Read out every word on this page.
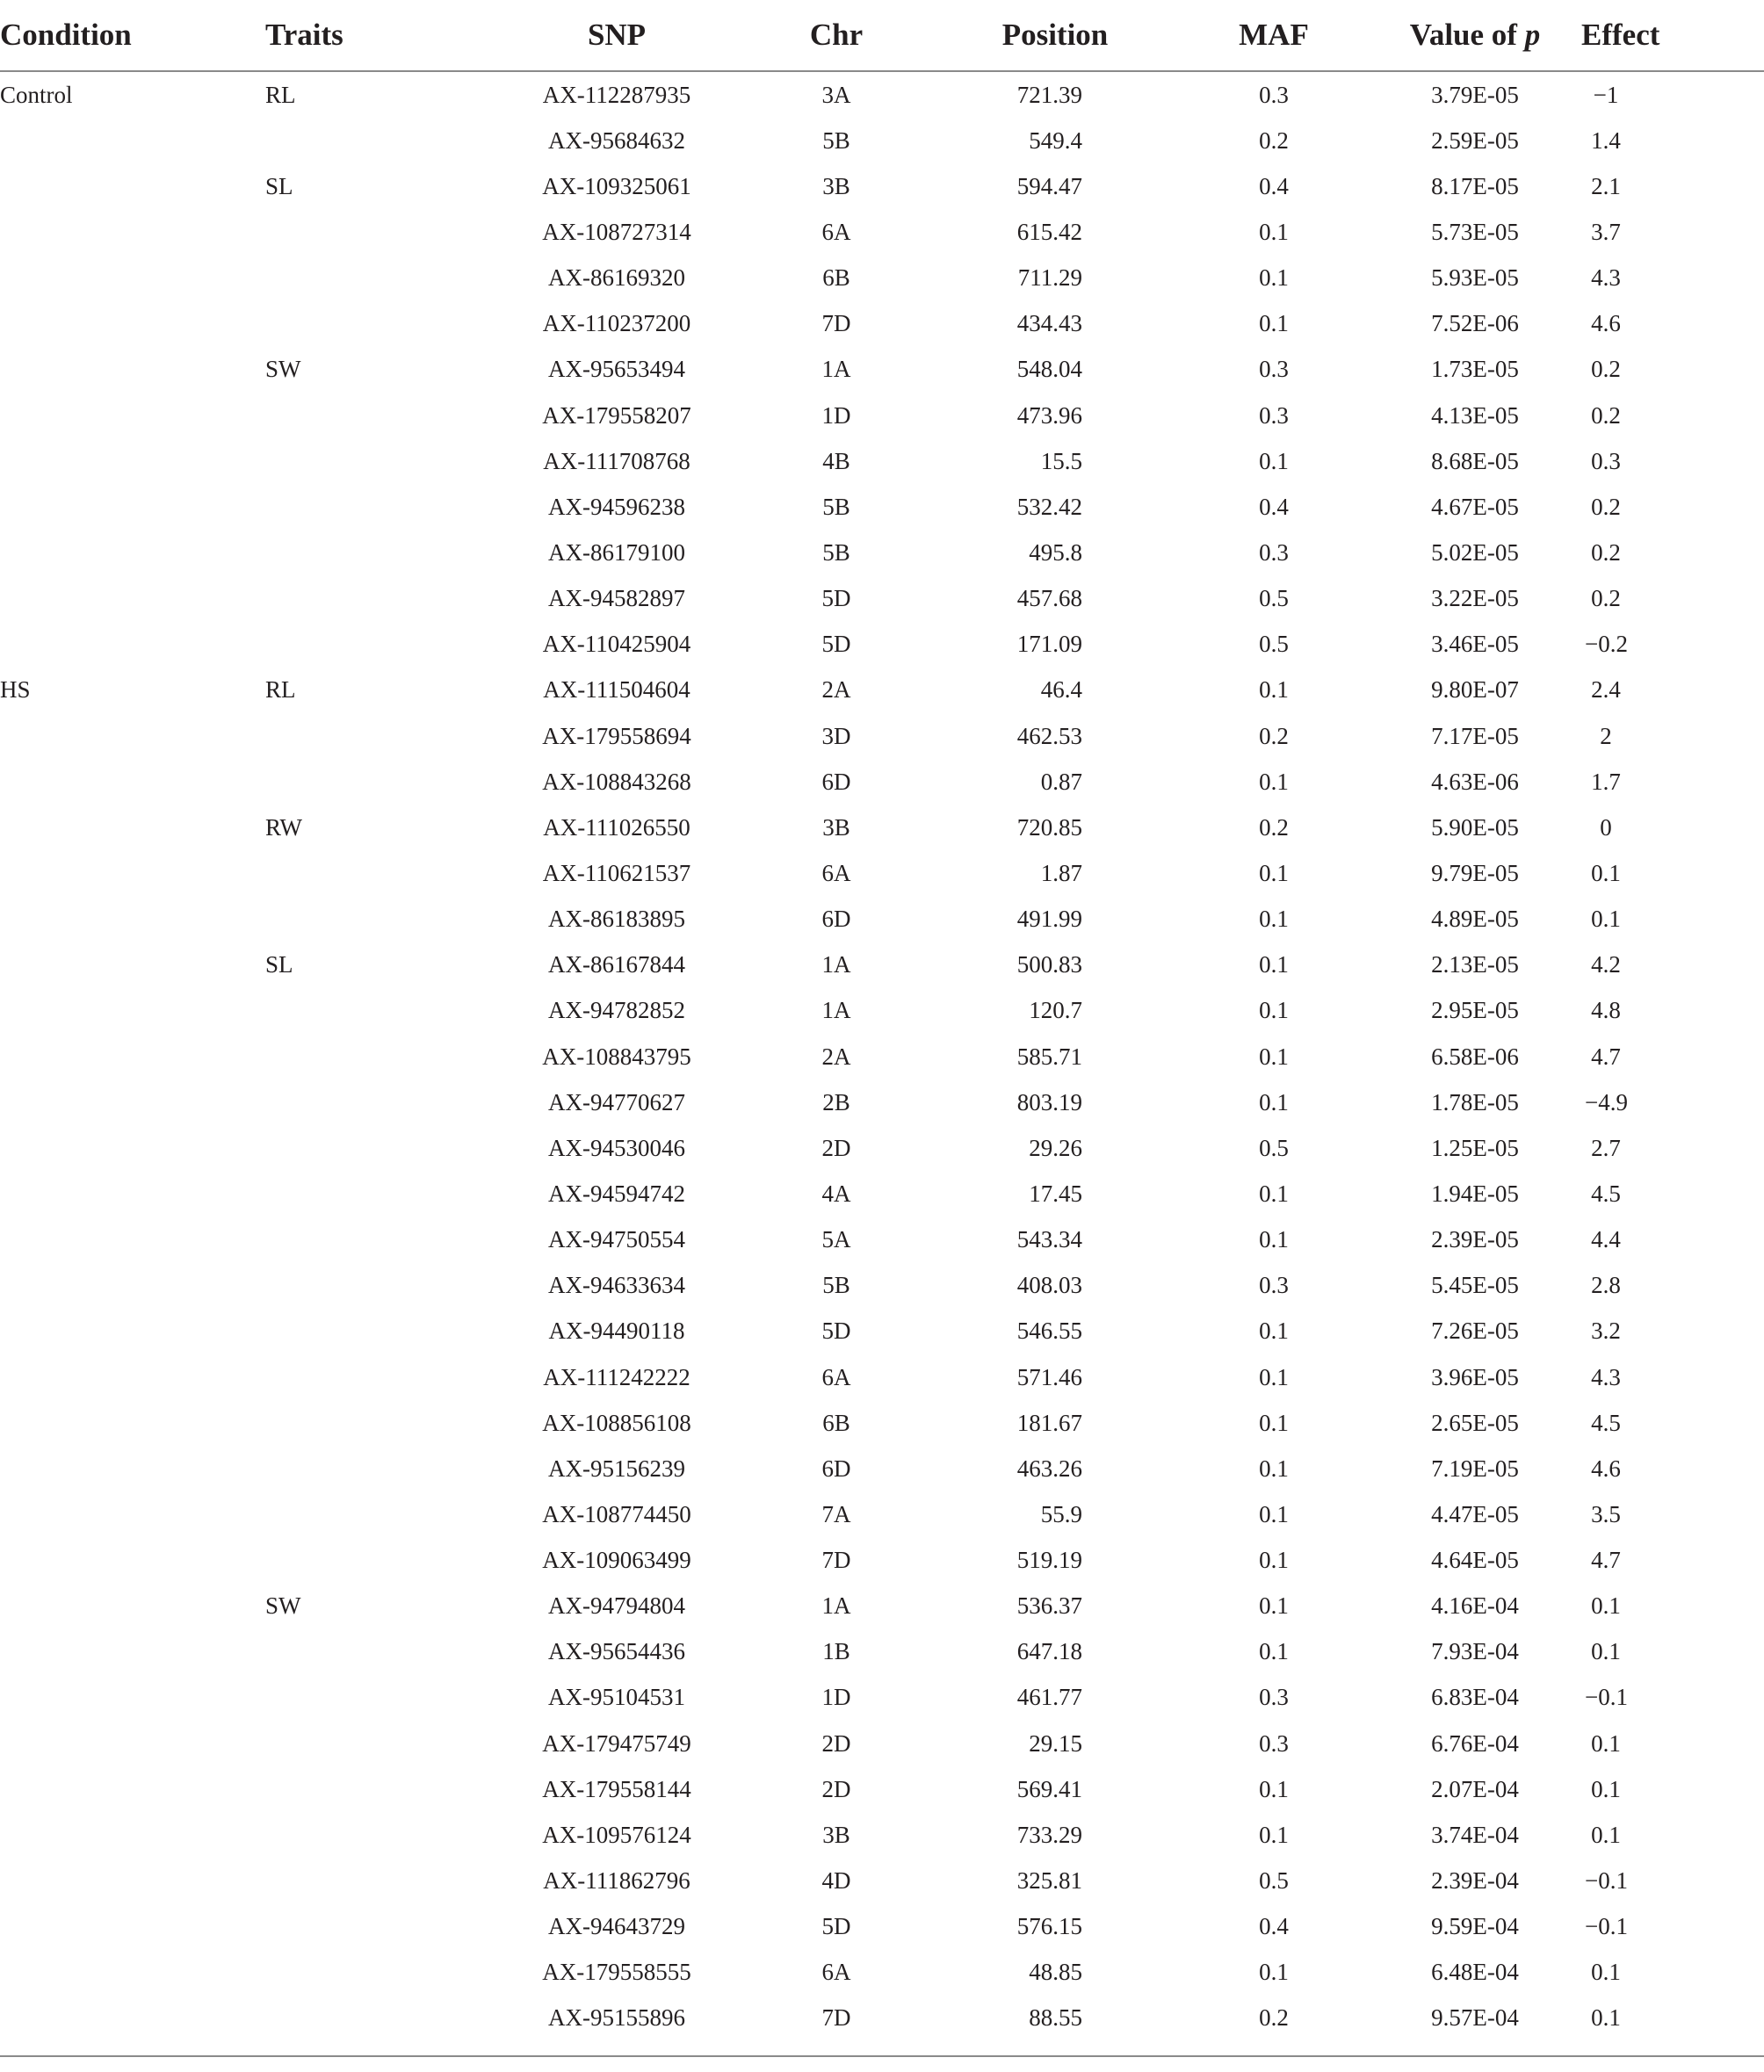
Condition	Traits	SNP	Chr	Position	MAF	Value of p	Effect
Control	RL	AX-112287935	3A	721.39	0.3	3.79E-05	−1
		AX-95684632	5B	549.4	0.2	2.59E-05	1.4
	SL	AX-109325061	3B	594.47	0.4	8.17E-05	2.1
		AX-108727314	6A	615.42	0.1	5.73E-05	3.7
		AX-86169320	6B	711.29	0.1	5.93E-05	4.3
		AX-110237200	7D	434.43	0.1	7.52E-06	4.6
	SW	AX-95653494	1A	548.04	0.3	1.73E-05	0.2
		AX-179558207	1D	473.96	0.3	4.13E-05	0.2
		AX-111708768	4B	15.5	0.1	8.68E-05	0.3
		AX-94596238	5B	532.42	0.4	4.67E-05	0.2
		AX-86179100	5B	495.8	0.3	5.02E-05	0.2
		AX-94582897	5D	457.68	0.5	3.22E-05	0.2
		AX-110425904	5D	171.09	0.5	3.46E-05	−0.2
HS	RL	AX-111504604	2A	46.4	0.1	9.80E-07	2.4
		AX-179558694	3D	462.53	0.2	7.17E-05	2
		AX-108843268	6D	0.87	0.1	4.63E-06	1.7
	RW	AX-111026550	3B	720.85	0.2	5.90E-05	0
		AX-110621537	6A	1.87	0.1	9.79E-05	0.1
		AX-86183895	6D	491.99	0.1	4.89E-05	0.1
	SL	AX-86167844	1A	500.83	0.1	2.13E-05	4.2
		AX-94782852	1A	120.7	0.1	2.95E-05	4.8
		AX-108843795	2A	585.71	0.1	6.58E-06	4.7
		AX-94770627	2B	803.19	0.1	1.78E-05	−4.9
		AX-94530046	2D	29.26	0.5	1.25E-05	2.7
		AX-94594742	4A	17.45	0.1	1.94E-05	4.5
		AX-94750554	5A	543.34	0.1	2.39E-05	4.4
		AX-94633634	5B	408.03	0.3	5.45E-05	2.8
		AX-94490118	5D	546.55	0.1	7.26E-05	3.2
		AX-111242222	6A	571.46	0.1	3.96E-05	4.3
		AX-108856108	6B	181.67	0.1	2.65E-05	4.5
		AX-95156239	6D	463.26	0.1	7.19E-05	4.6
		AX-108774450	7A	55.9	0.1	4.47E-05	3.5
		AX-109063499	7D	519.19	0.1	4.64E-05	4.7
	SW	AX-94794804	1A	536.37	0.1	4.16E-04	0.1
		AX-95654436	1B	647.18	0.1	7.93E-04	0.1
		AX-95104531	1D	461.77	0.3	6.83E-04	−0.1
		AX-179475749	2D	29.15	0.3	6.76E-04	0.1
		AX-179558144	2D	569.41	0.1	2.07E-04	0.1
		AX-109576124	3B	733.29	0.1	3.74E-04	0.1
		AX-111862796	4D	325.81	0.5	2.39E-04	−0.1
		AX-94643729	5D	576.15	0.4	9.59E-04	−0.1
		AX-179558555	6A	48.85	0.1	6.48E-04	0.1
		AX-95155896	7D	88.55	0.2	9.57E-04	0.1
